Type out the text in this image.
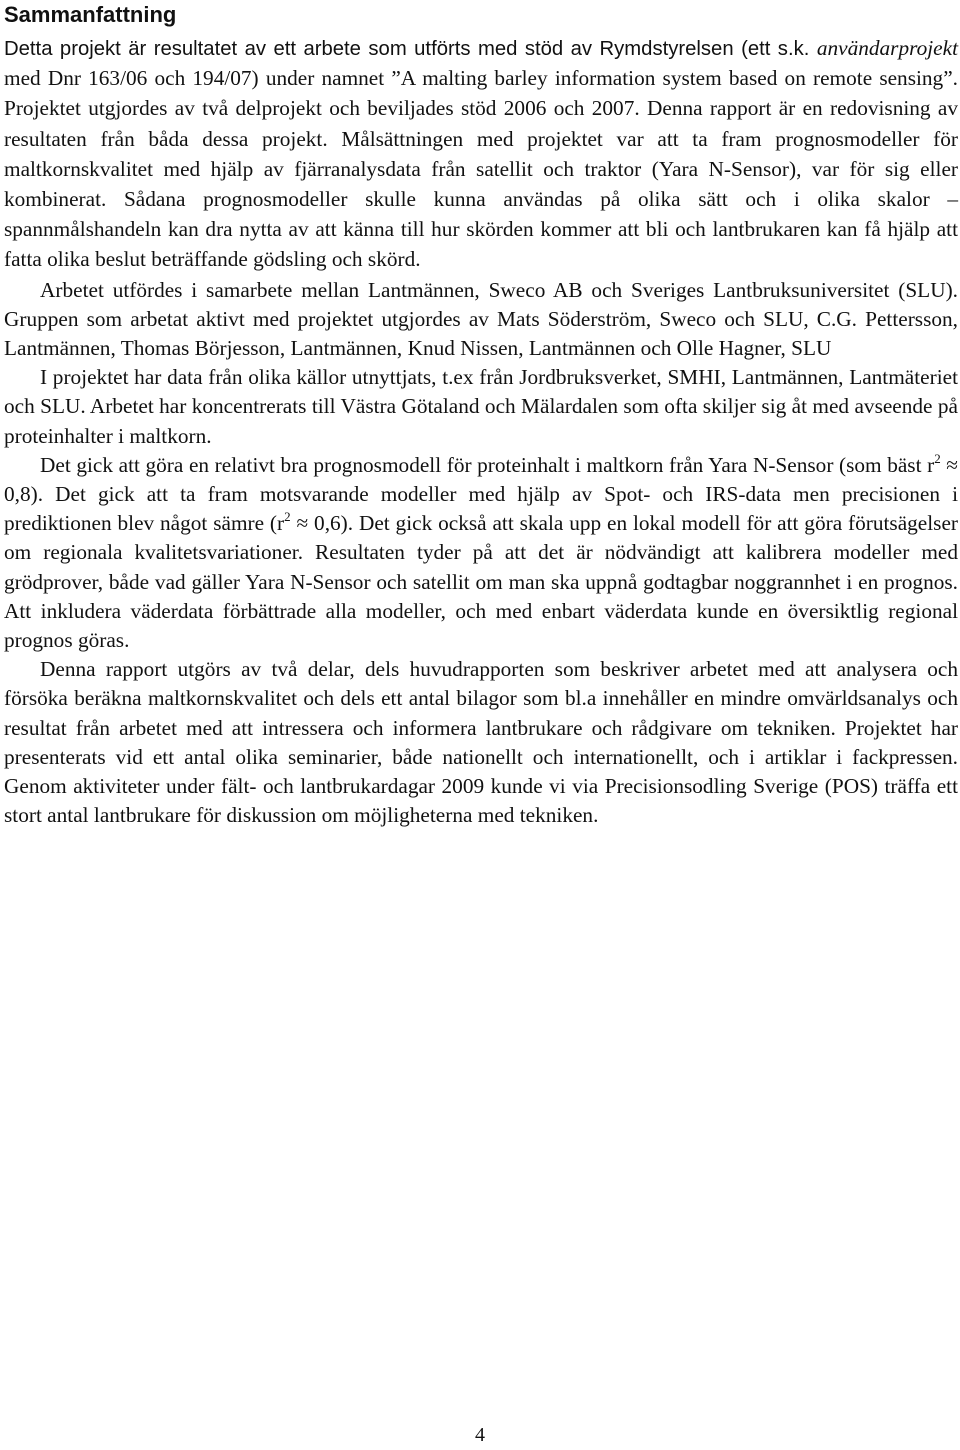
Sammanfattning

Detta projekt är resultatet av ett arbete som utförts med stöd av Rymdstyrelsen (ett s.k. användarprojekt med Dnr 163/06 och 194/07) under namnet ”A malting barley information system based on remote sensing”. Projektet utgjordes av två delprojekt och beviljades stöd 2006 och 2007. Denna rapport är en redovisning av resultaten från båda dessa projekt. Målsättningen med projektet var att ta fram prognosmodeller för maltkornskvalitet med hjälp av fjärranalysdata från satellit och traktor (Yara N-Sensor), var för sig eller kombinerat. Sådana prognosmodeller skulle kunna användas på olika sätt och i olika skalor – spannmålshandeln kan dra nytta av att känna till hur skörden kommer att bli och lantbrukaren kan få hjälp att fatta olika beslut beträffande gödsling och skörd.

Arbetet utfördes i samarbete mellan Lantmännen, Sweco AB och Sveriges Lantbruksuniversitet (SLU). Gruppen som arbetat aktivt med projektet utgjordes av Mats Söderström, Sweco och SLU, C.G. Pettersson, Lantmännen, Thomas Börjesson, Lantmännen, Knud Nissen, Lantmännen och Olle Hagner, SLU

I projektet har data från olika källor utnyttjats, t.ex från Jordbruksverket, SMHI, Lantmännen, Lantmäteriet och SLU. Arbetet har koncentrerats till Västra Götaland och Mälardalen som ofta skiljer sig åt med avseende på proteinhalter i maltkorn.

Det gick att göra en relativt bra prognosmodell för proteinhalt i maltkorn från Yara N-Sensor (som bäst $r^2 \approx 0,8$). Det gick att ta fram motsvarande modeller med hjälp av Spot- och IRS-data men precisionen i prediktionen blev något sämre $(r^2 \approx 0,6)$. Det gick också att skala upp en lokal modell för att göra förutsägelser om regionala kvalitetsvariationer. Resultaten tyder på att det är nödvändigt att kalibrera modeller med grödprover, både vad gäller Yara N-Sensor och satellit om man ska uppnå godtagbar noggrannhet i en prognos. Att inkludera väderdata förbättrade alla modeller, och med enbart väderdata kunde en översiktlig regional prognos göras.

Denna rapport utgörs av två delar, dels huvudrapporten som beskriver arbetet med att analysera och försöka beräkna maltkornskvalitet och dels ett antal bilagor som bl.a innehåller en mindre omvärldsanalys och resultat från arbetet med att intressera och informera lantbrukare och rådgivare om tekniken. Projektet har presenterats vid ett antal olika seminarier, både nationellt och internationellt, och i artiklar i fackpressen. Genom aktiviteter under fält- och lantbrukardagar 2009 kunde vi via Precisionsodling Sverige (POS) träffa ett stort antal lantbrukare för diskussion om möjligheterna med tekniken.

4
